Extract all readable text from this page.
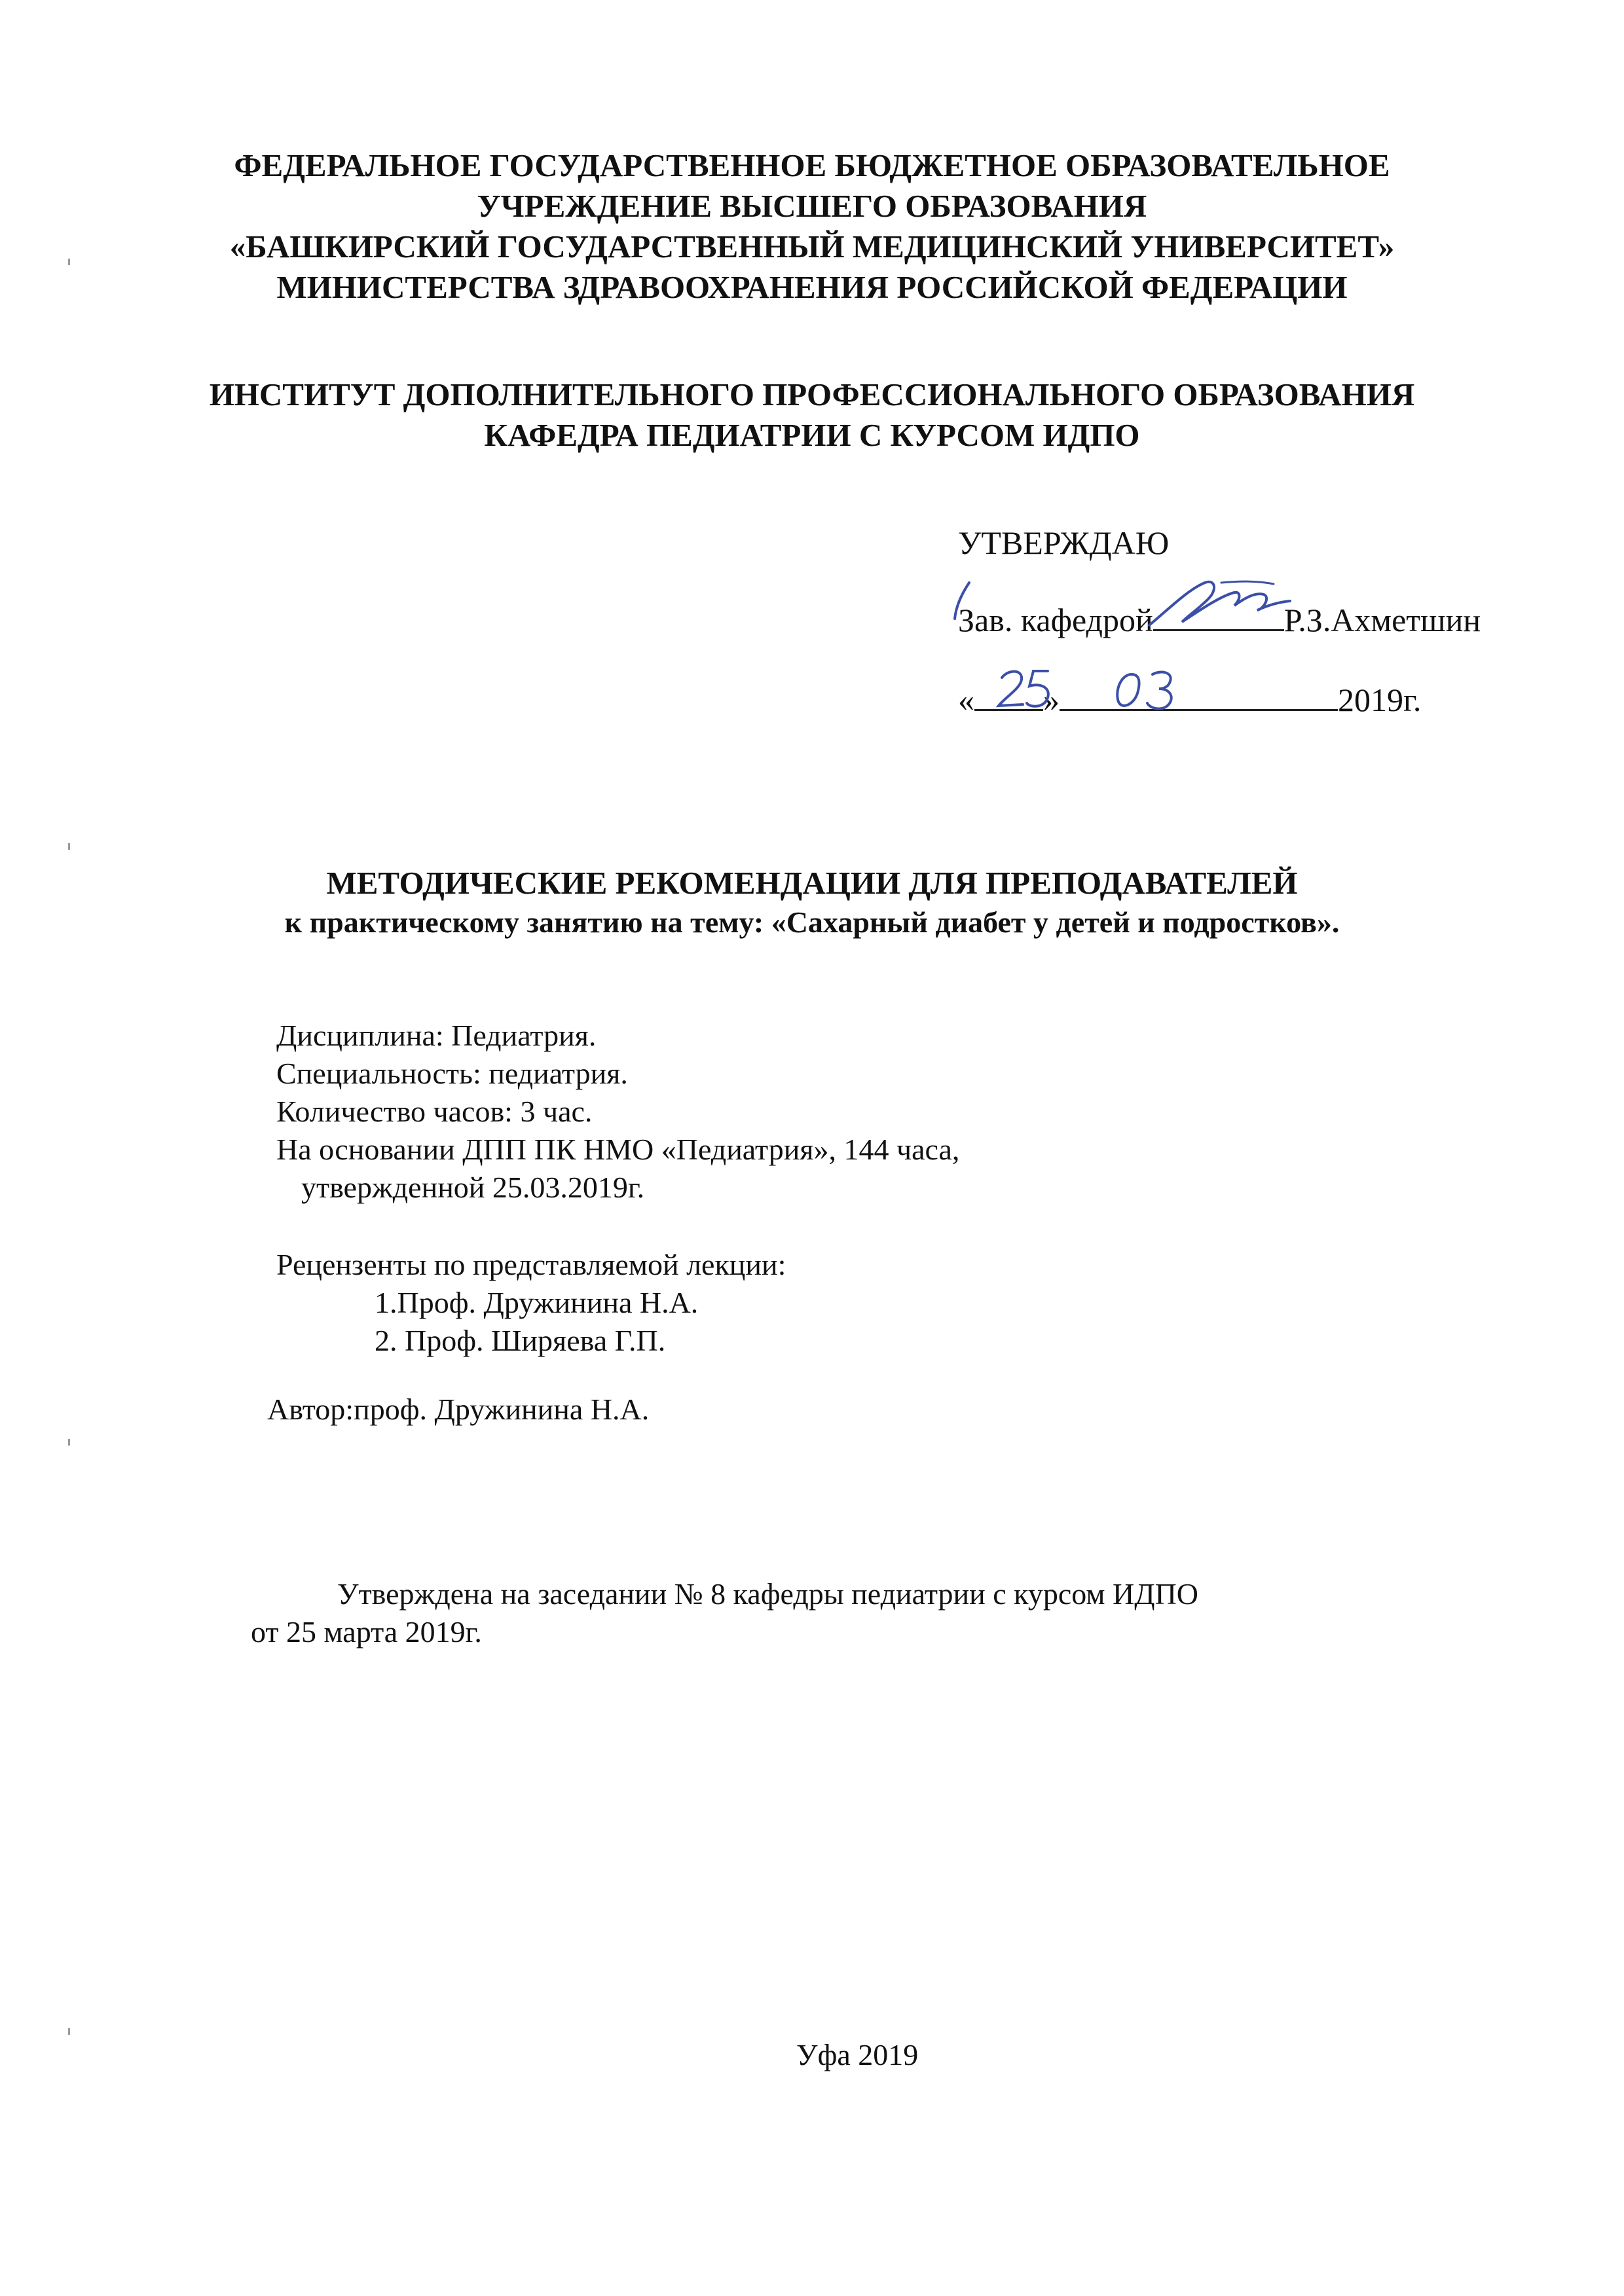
ФЕДЕРАЛЬНОЕ ГОСУДАРСТВЕННОЕ БЮДЖЕТНОЕ ОБРАЗОВАТЕЛЬНОЕ
УЧРЕЖДЕНИЕ ВЫСШЕГО ОБРАЗОВАНИЯ
«БАШКИРСКИЙ ГОСУДАРСТВЕННЫЙ МЕДИЦИНСКИЙ УНИВЕРСИТЕТ»
МИНИСТЕРСТВА ЗДРАВООХРАНЕНИЯ РОССИЙСКОЙ ФЕДЕРАЦИИ
ИНСТИТУТ ДОПОЛНИТЕЛЬНОГО ПРОФЕССИОНАЛЬНОГО ОБРАЗОВАНИЯ
КАФЕДРА ПЕДИАТРИИ С КУРСОМ ИДПО
УТВЕРЖДАЮ
Зав. кафедрой	Р.З.Ахметшин
« »	2019г.
МЕТОДИЧЕСКИЕ РЕКОМЕНДАЦИИ ДЛЯ ПРЕПОДАВАТЕЛЕЙ
к практическому занятию на тему: «Сахарный диабет у детей и подростков».
Дисциплина: Педиатрия.
Специальность: педиатрия.
Количество часов: 3 час.
На основании ДПП ПК НМО «Педиатрия», 144 часа,
утвержденной 25.03.2019г.
Рецензенты по представляемой лекции:
1.Проф. Дружинина Н.А.
2. Проф. Ширяева Г.П.
Автор:проф. Дружинина Н.А.
Утверждена на заседании № 8 кафедры педиатрии с курсом ИДПО
от 25 марта 2019г.
Уфа 2019
